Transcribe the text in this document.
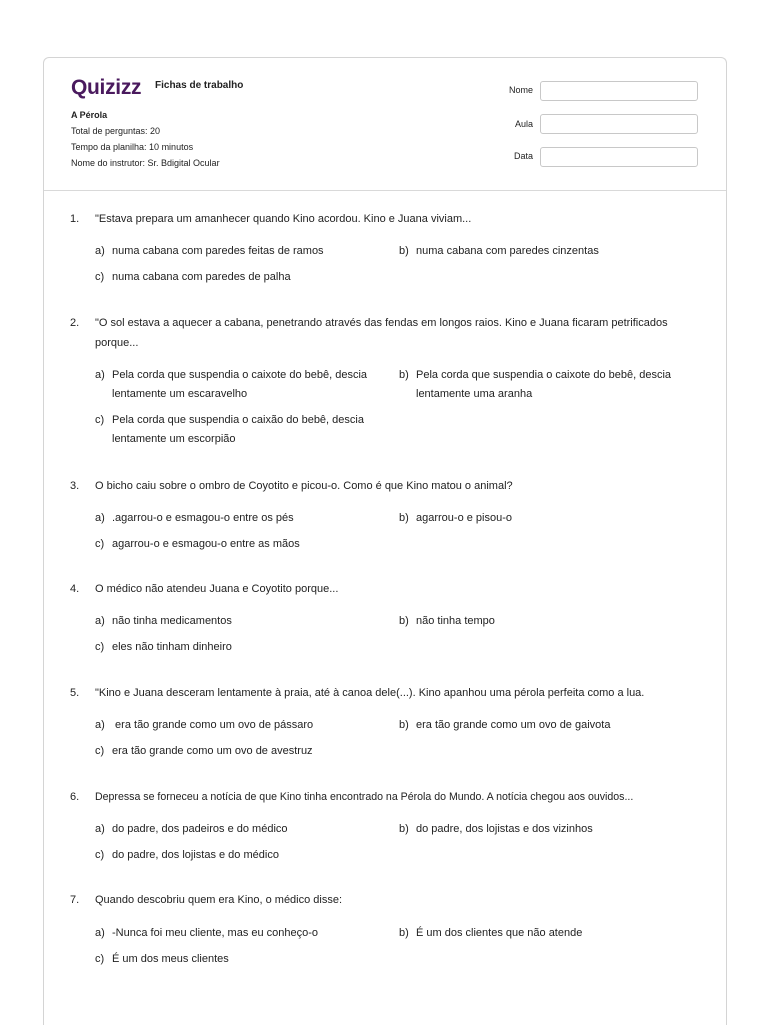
Quizizz Fichas de trabalho
A Pérola
Total de perguntas: 20
Tempo da planilha: 10 minutos
Nome do instrutor: Sr. Bdigital Ocular
Nome
Aula
Data
1. "Estava prepara um amanhecer quando Kino acordou. Kino e Juana viviam...
a) numa cabana com paredes feitas de ramos	b) numa cabana com paredes cinzentas
c) numa cabana com paredes de palha
2. "O sol estava a aquecer a cabana, penetrando através das fendas em longos raios. Kino e Juana ficaram petrificados porque...
a) Pela corda que suspendia o caixote do bebê, descia lentamente um escaravelho
b) Pela corda que suspendia o caixote do bebê, descia lentamente uma aranha
c) Pela corda que suspendia o caixão do bebê, descia lentamente um escorpião
3. O bicho caiu sobre o ombro de Coyotito e picou-o. Como é que Kino matou o animal?
a) .agarrou-o e esmagou-o entre os pés	b) agarrou-o e pisou-o
c) agarrou-o e esmagou-o entre as mãos
4. O médico não atendeu Juana e Coyotito porque...
a) não tinha medicamentos	b) não tinha tempo
c) eles não tinham dinheiro
5. "Kino e Juana desceram lentamente à praia, até à canoa dele(...). Kino apanhou uma pérola perfeita como a lua.
a) era tão grande como um ovo de pássaro	b) era tão grande como um ovo de gaivota
c) era tão grande como um ovo de avestruz
6. Depressa se forneceu a notícia de que Kino tinha encontrado na Pérola do Mundo. A notícia chegou aos ouvidos...
a) do padre, dos padeiros e do médico	b) do padre, dos lojistas e dos vizinhos
c) do padre, dos lojistas e do médico
7. Quando descobriu quem era Kino, o médico disse:
a) -Nunca foi meu cliente, mas eu conheço-o	b) É um dos clientes que não atende
c) É um dos meus clientes
